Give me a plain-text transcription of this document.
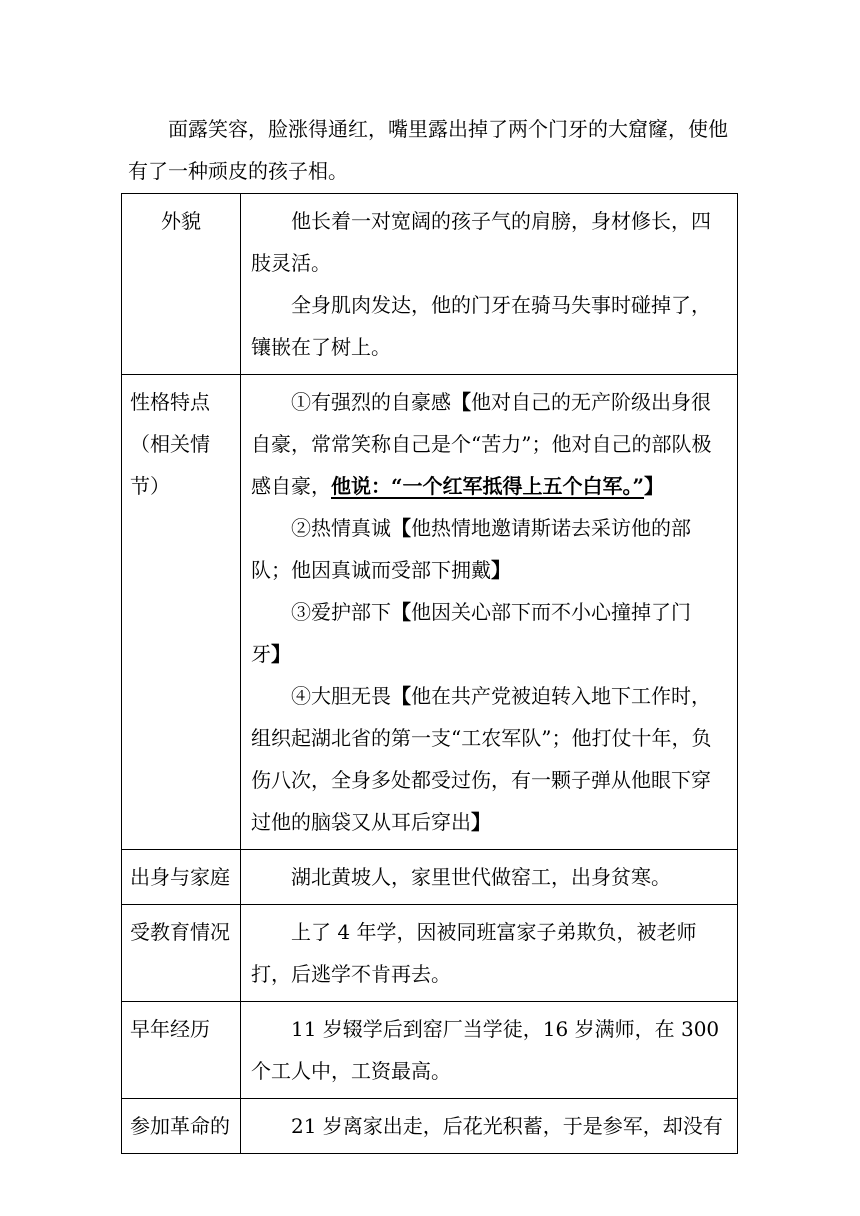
面露笑容，脸涨得通红，嘴里露出掉了两个门牙的大窟窿，使他

有了一种顽皮的孩子相。

外貌	他长着一对宽阔的孩子气的肩膀，身材修长，四肢灵活。

全身肌肉发达，他的门牙在骑马失事时碰掉了，镶嵌在了树上。

性格特点（相关情节）	①有强烈的自豪感【他对自己的无产阶级出身很自豪，常常笑称自己是个“苦力”；他对自己的部队极感自豪，他说：“一个红军抵得上五个白军。”】

②热情真诚【他热情地邀请斯诺去采访他的部队；他因真诚而受部下拥戴】

③爱护部下【他因关心部下而不小心撞掉了门牙】

④大胆无畏【他在共产党被迫转入地下工作时，组织起湖北省的第一支“工农军队”；他打仗十年，负伤八次，全身多处都受过伤，有一颗子弹从他眼下穿过他的脑袋又从耳后穿出】

出身与家庭	湖北黄坡人，家里世代做窑工，出身贫寒。

受教育情况	上了 4 年学，因被同班富家子弟欺负，被老师打，后逃学不肯再去。

早年经历	11 岁辍学后到窑厂当学徒，16 岁满师，在 300 个工人中，工资最高。

参加革命的	21 岁离家出走，后花光积蓄，于是参军，却没有
